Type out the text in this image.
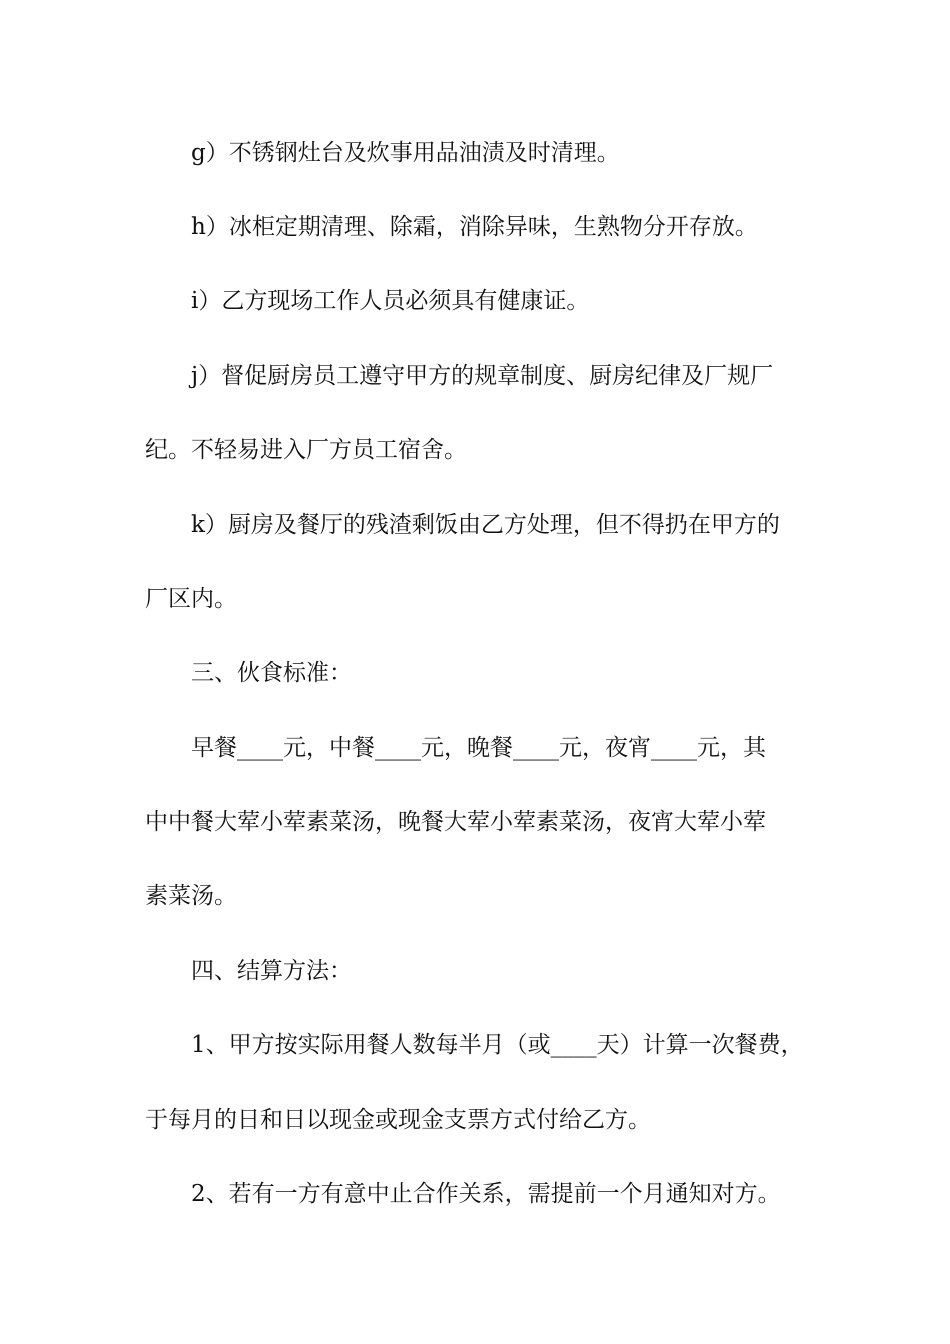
g）不锈钢灶台及炊事用品油渍及时清理。
h）冰柜定期清理、除霜，消除异味，生熟物分开存放。
i）乙方现场工作人员必须具有健康证。
j）督促厨房员工遵守甲方的规章制度、厨房纪律及厂规厂
纪。不轻易进入厂方员工宿舍。
k）厨房及餐厅的残渣剩饭由乙方处理，但不得扔在甲方的
厂区内。
三、伙食标准：
早餐____元，中餐____元，晚餐____元，夜宵____元，其
中中餐大荤小荤素菜汤，晚餐大荤小荤素菜汤，夜宵大荤小荤
素菜汤。
四、结算方法：
1、甲方按实际用餐人数每半月（或____天）计算一次餐费，
于每月的日和日以现金或现金支票方式付给乙方。
2、若有一方有意中止合作关系，需提前一个月通知对方。
